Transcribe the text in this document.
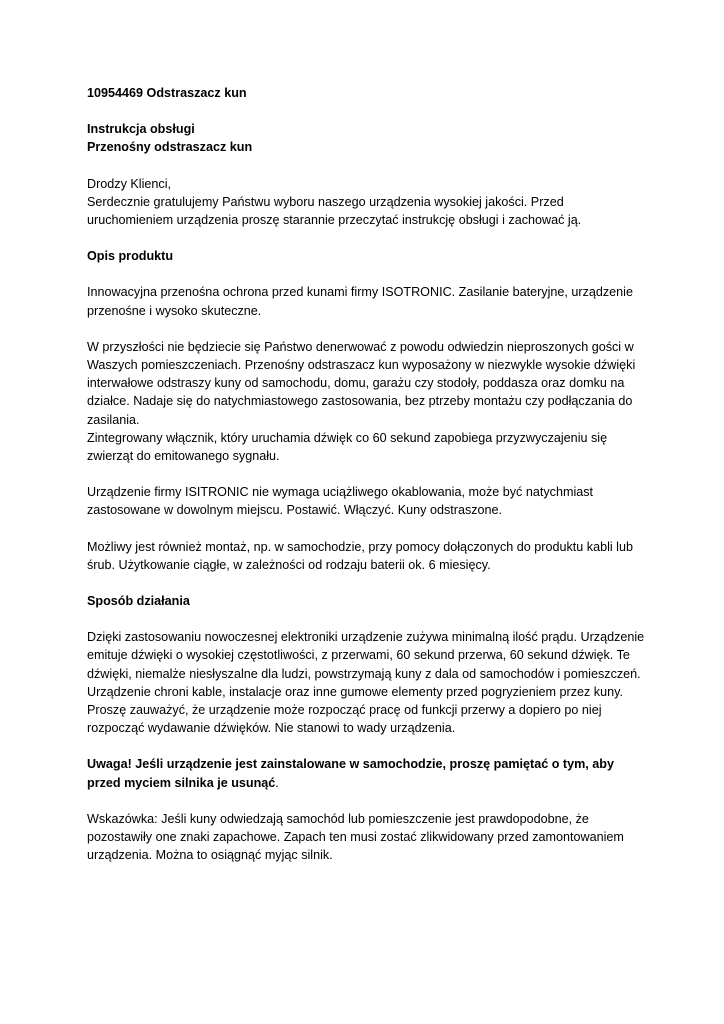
10954469 Odstraszacz kun
Instrukcja obsługi
Przenośny odstraszacz kun

Drodzy Klienci,
Serdecznie gratulujemy Państwu wyboru naszego urządzenia wysokiej jakości. Przed uruchomieniem urządzenia proszę starannie przeczytać instrukcję obsługi i zachować ją.

Opis produktu

Innowacyjna przenośna ochrona przed kunami firmy ISOTRONIC. Zasilanie bateryjne, urządzenie przenośne i wysoko skuteczne.

W przyszłości nie będziecie się Państwo denerwować z powodu odwiedzin nieproszonych gości w Waszych pomieszczeniach. Przenośny odstraszacz kun wyposażony w niezwykle wysokie dźwięki interwałowe odstraszy kuny od samochodu, domu, garażu czy stodoły, poddasza oraz domku na działce. Nadaje się do natychmiastowego zastosowania, bez ptrzeby montażu czy podłączania do zasilania.
Zintegrowany włącznik, który uruchamia dźwięk co 60 sekund zapobiega przyzwyczajeniu się zwierząt do emitowanego sygnału.

Urządzenie firmy ISITRONIC nie wymaga uciążliwego okablowania, może być natychmiast zastosowane w dowolnym miejscu. Postawić. Włączyć. Kuny odstraszone.

Możliwy jest również montaż, np. w samochodzie, przy pomocy dołączonych do produktu kabli lub śrub. Użytkowanie ciągłe, w zależności od rodzaju baterii ok. 6 miesięcy.

Sposób działania

Dzięki zastosowaniu nowoczesnej elektroniki urządzenie zużywa minimalną ilość prądu. Urządzenie emituje dźwięki o wysokiej częstotliwości, z przerwami, 60 sekund przerwa, 60 sekund dźwięk. Te dźwięki, niemalże niesłyszalne dla ludzi, powstrzymają kuny z dala od samochodów i pomieszczeń. Urządzenie chroni kable, instalacje oraz inne gumowe elementy przed pogryzieniem przez kuny. Proszę zauważyć, że urządzenie może rozpocząć pracę od funkcji przerwy a dopiero po niej rozpocząć wydawanie dźwięków. Nie stanowi to wady urządzenia.

Uwaga! Jeśli urządzenie jest zainstalowane w samochodzie, proszę pamiętać o tym, aby przed myciem silnika je usunąć.

Wskazówka: Jeśli kuny odwiedzają samochód lub pomieszczenie jest prawdopodobne, że pozostawiły one znaki zapachowe. Zapach ten musi zostać zlikwidowany przed zamontowaniem urządzenia. Można to osiągnąć myjąc silnik.
